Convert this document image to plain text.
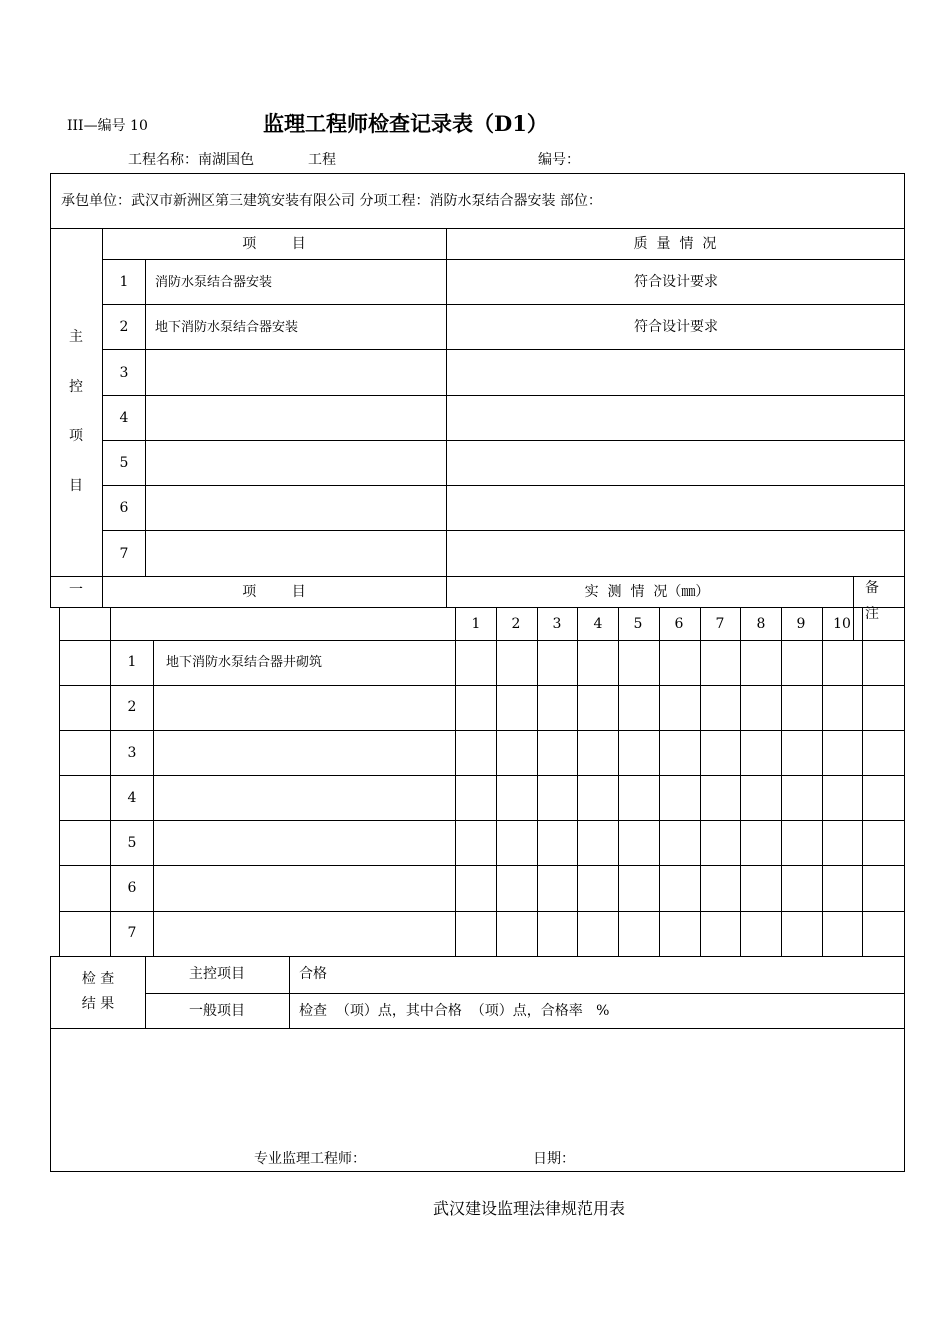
III—编号 10	监理工程师检查记录表（D1）
工程名称：南湖国色	工程	编号：
承包单位：武汉市新洲区第三建筑安装有限公司 分项工程：消防水泵结合器安装 部位：
主
控
项
目
项        目	质  量  情  况
1 消防水泵结合器安装	符合设计要求
2 地下消防水泵结合器安装	符合设计要求
3
4
5
6
7
一	项        目	实  测  情  况（㎜）	备
注
1 2 3 4 5 6 7 8 9 10
1 地下消防水泵结合器井砌筑
2
3
4
5
6
7
检 查
结 果
主控项目	合格
一般项目	检查  （项）点，其中合格  （项）点，合格率   %
专业监理工程师：	日期：
武汉建设监理法律规范用表
